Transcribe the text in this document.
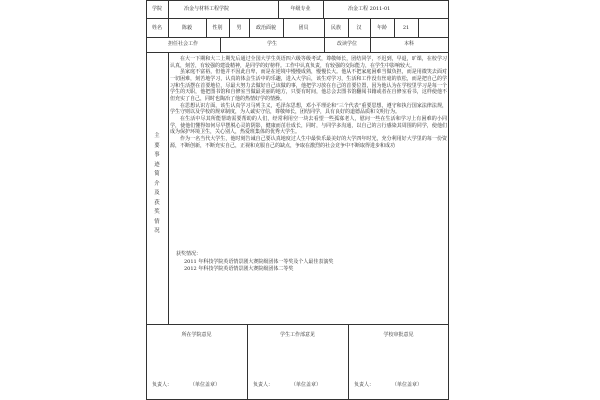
学院	冶金与材料工程学院	年级专业	冶金工程 2011-01
姓名	陈毅	性别	男	政治面貌	团员	民族	汉	年龄	21
担任社会工作	学生	改读学位	本科
主要事迹简介及获奖情况

在大一下期和大二上期先后通过全国大学生英语四六级等级考试，尊敬师长，团结同学，不迟到，早退，旷课，在校学习认真，刻苦，有较强的建设精神，是同学的好榜样。工作中认真负责，有较强的交际能力，在学生中影响较大。

虽家庭不富裕，但他并不因此自卑，而是在逆境中慢慢成熟，慢慢长大。他从不把家庭困难当做负担，而是用微笑去面对一切困难，刻苦地学习，认真的体会生活中的乐趣，进入大学后，该生对学习，生活和工作没有丝毫的放松，而是把自己的学习和生活摆在首要地位，尽最大努力去做好自己该做的事，他把学习放在自己的首要位置，因为他认为在学校里学习是每一个学生的天职，他把图书馆和自修室当做最美丽的地方，只要有时间，他总会去图书馆翻阅书籍或者在自修室看书，这样使他不但充实了自己，同时也陶冶了他的热情好学的情操。

在思想认识方面，该生认真学习马列主义，毛泽东思想，邓小平理论和“三个代表”重要思想，遵守和执行国家法律法规，学生守则以及学校的规章制度，为人诚实守信，尊敬师长，团结同学，具有良好的道德品质和文明行为。

在生活中尽其所能帮助需要帮助的人们，经常利用空一块去看望一些孤寡老人，慰问一些在生活和学习上有困难的小同学，使他们懂得如何尽早摆脱心灵的阴影，健康而茁壮成长，同时，与同学多沟通，以自己的言行感染其周围的同学，使他们成为保护环境卫生，关心别人，热爱班集体的优秀大学生。

作为一名当代大学生，他时刻告诫自己要认真地度过人生中最快乐最美好的大学四年时光，充分利用好大学里的每一份资源，不断创新，不断充实自己，正视和克服自己的缺点，争取在激烈的社会竞争中不断取得进步和成功

获奖情况：
2011 年科技学院英语情景剧大赛院级团体一等奖及个人最佳表演奖
2012 年科技学院英语情景剧大赛院级团体二等奖
所在学院意见	学生工作部意见	学校审批意见
负责人：	（单位盖章）	负责人：	（单位盖章）	负责人：	（单位盖章）
